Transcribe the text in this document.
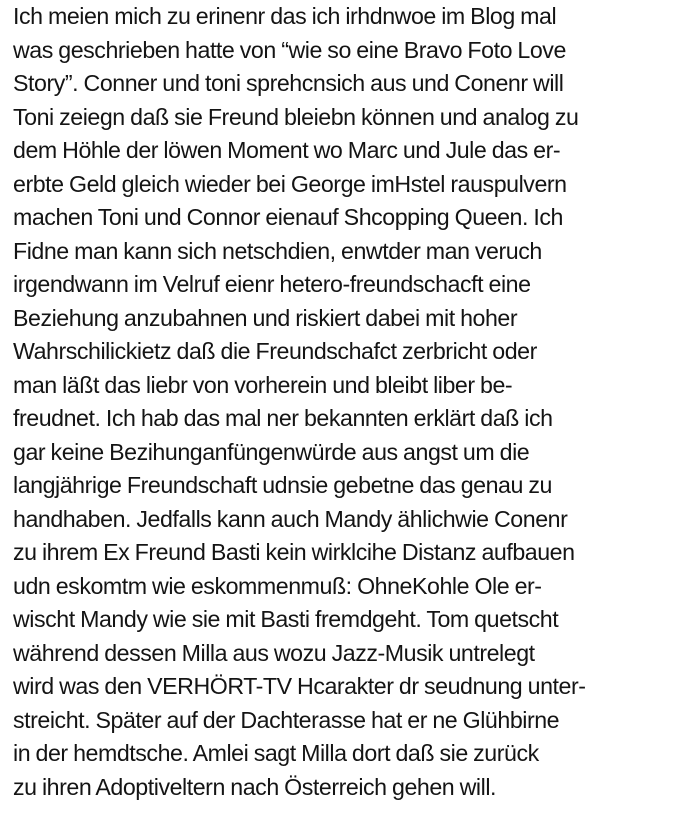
Ich meien mich zu erinenr das ich irhdnwoe im Blog mal
was geschrieben hatte von “wie so eine Bravo Foto Love
Story”. Conner und toni sprehcnsich aus und Conenr will
Toni zeiegn daß sie Freund bleiebn können und analog zu
dem Höhle der löwen Moment wo Marc und Jule das er-
erbte Geld gleich wieder bei George imHstel rauspulvern
machen Toni und Connor eienauf Shcopping Queen. Ich
Fidne man kann sich netschdien, enwtder man veruch
irgendwann im Velruf eienr hetero-freundschacft eine
Beziehung anzubahnen und riskiert dabei mit hoher
Wahrschilickietz daß die Freundschafct zerbricht oder
man läßt das liebr von vorherein und bleibt liber be-
freudnet. Ich hab das mal ner bekannten erklärt daß ich
gar keine Bezihunganfüngenwürde aus angst um die
langjährige Freundschaft udnsie gebetne das genau zu
handhaben. Jedfalls kann auch Mandy ählichwie Conenr
zu ihrem Ex Freund Basti kein wirklcihe Distanz aufbauen
udn eskomtm wie eskommenmuß: OhneKohle Ole er-
wischt Mandy wie sie mit Basti fremdgeht. Tom quetscht
während dessen Milla aus wozu Jazz-Musik untrelegt
wird was den VERHÖRT-TV Hcarakter dr seudnung unter-
streicht. Später auf der Dachterasse hat er ne Glühbirne
in der hemdtsche. Amlei sagt Milla dort daß sie zurück
zu ihren Adoptiveltern nach Österreich gehen will.
